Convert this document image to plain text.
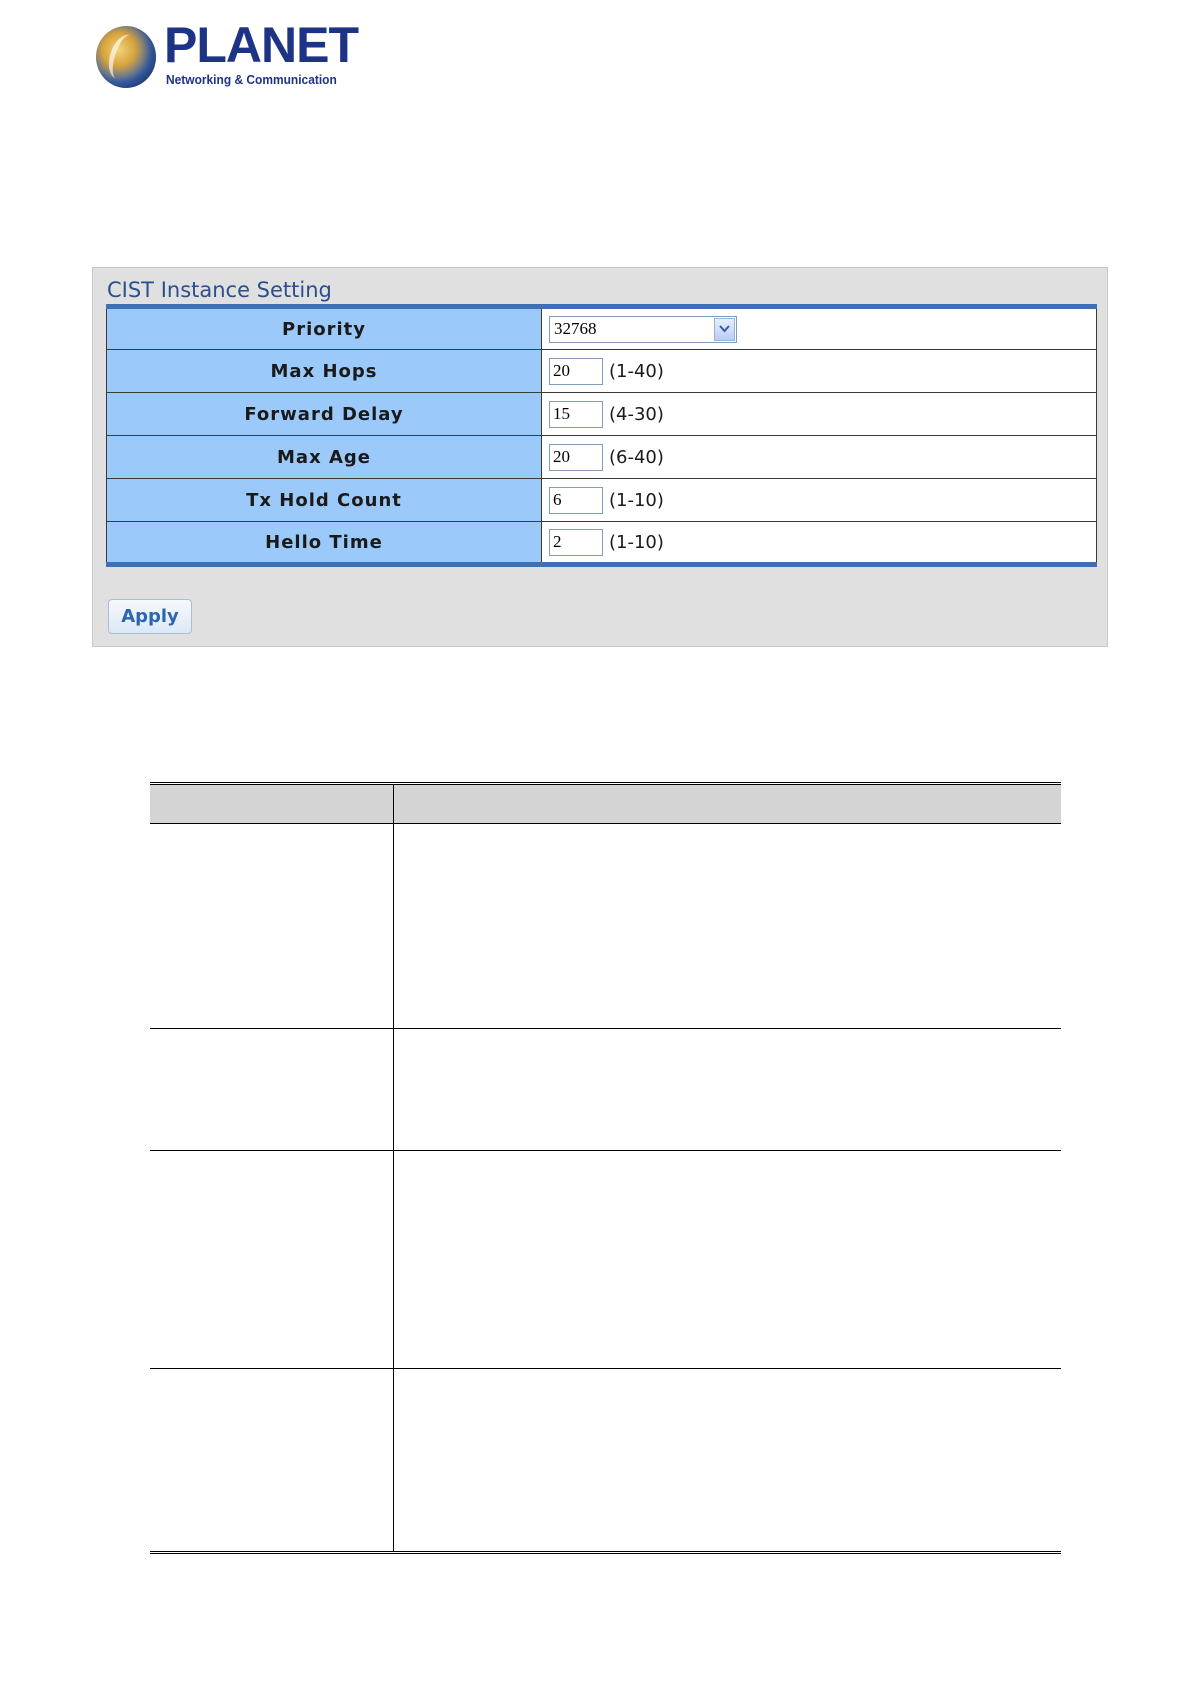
PLANET
Networking & Communication
CIST Instance Setting
Priority	32768

Max Hops	20 (1-40)

Forward Delay	15 (4-30)

Max Age	20 (6-40)

Tx Hold Count	6 (1-10)

Hello Time	2 (1-10)
Apply
